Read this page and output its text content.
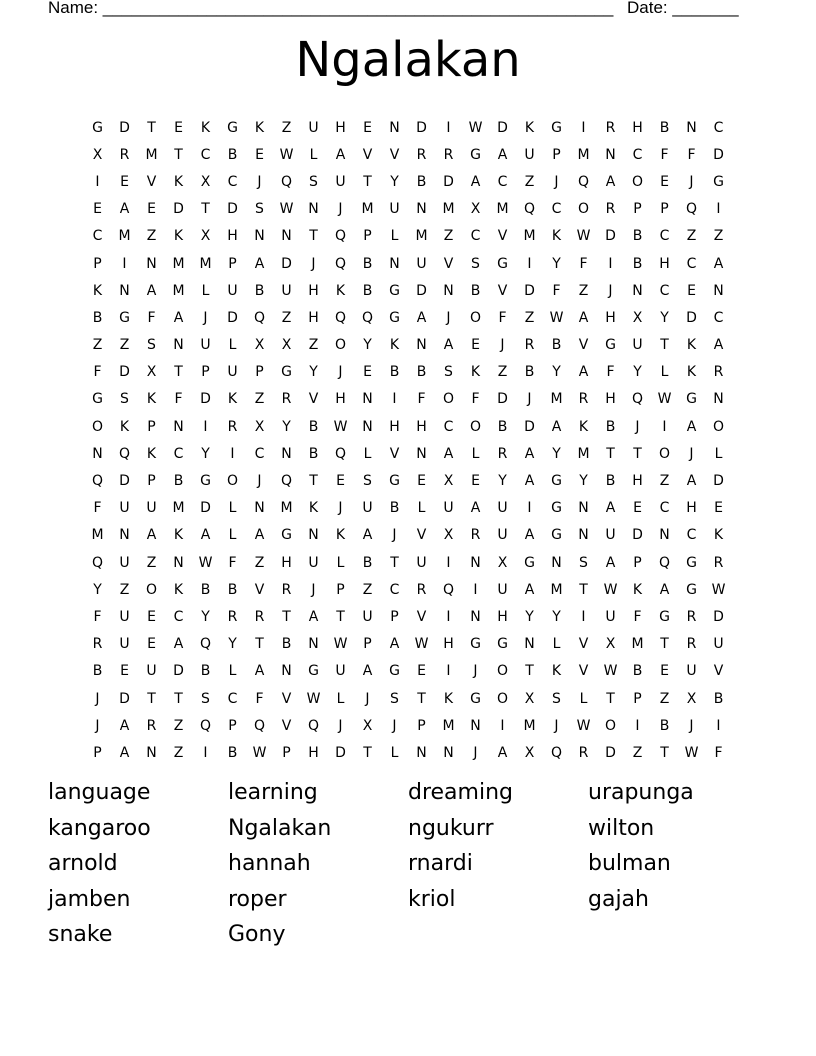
Name: ______________________________________________________ Date: _______
Ngalakan
G	D	T	E	K	G	K	Z	U	H	E	N	D	I	W	D	K	G	I	R	H	B	N	C
X	R	M	T	C	B	E	W	L	A	V	V	R	R	G	A	U	P	M	N	C	F	F	D
I	E	V	K	X	C	J	Q	S	U	T	Y	B	D	A	C	Z	J	Q	A	O	E	J	G
E	A	E	D	T	D	S	W	N	J	M	U	N	M	X	M	Q	C	O	R	P	P	Q	I
C	M	Z	K	X	H	N	N	T	Q	P	L	M	Z	C	V	M	K	W	D	B	C	Z	Z
P	I	N	M	M	P	A	D	J	Q	B	N	U	V	S	G	I	Y	F	I	B	H	C	A
K	N	A	M	L	U	B	U	H	K	B	G	D	N	B	V	D	F	Z	J	N	C	E	N
B	G	F	A	J	D	Q	Z	H	Q	Q	G	A	J	O	F	Z	W	A	H	X	Y	D	C
Z	Z	S	N	U	L	X	X	Z	O	Y	K	N	A	E	J	R	B	V	G	U	T	K	A
F	D	X	T	P	U	P	G	Y	J	E	B	B	S	K	Z	B	Y	A	F	Y	L	K	R
G	S	K	F	D	K	Z	R	V	H	N	I	F	O	F	D	J	M	R	H	Q	W	G	N
O	K	P	N	I	R	X	Y	B	W	N	H	H	C	O	B	D	A	K	B	J	I	A	O
N	Q	K	C	Y	I	C	N	B	Q	L	V	N	A	L	R	A	Y	M	T	T	O	J	L
Q	D	P	B	G	O	J	Q	T	E	S	G	E	X	E	Y	A	G	Y	B	H	Z	A	D
F	U	U	M	D	L	N	M	K	J	U	B	L	U	A	U	I	G	N	A	E	C	H	E
M	N	A	K	A	L	A	G	N	K	A	J	V	X	R	U	A	G	N	U	D	N	C	K
Q	U	Z	N	W	F	Z	H	U	L	B	T	U	I	N	X	G	N	S	A	P	Q	G	R
Y	Z	O	K	B	B	V	R	J	P	Z	C	R	Q	I	U	A	M	T	W	K	A	G	W
F	U	E	C	Y	R	R	T	A	T	U	P	V	I	N	H	Y	Y	I	U	F	G	R	D
R	U	E	A	Q	Y	T	B	N	W	P	A	W	H	G	G	N	L	V	X	M	T	R	U
B	E	U	D	B	L	A	N	G	U	A	G	E	I	J	O	T	K	V	W	B	E	U	V
J	D	T	T	S	C	F	V	W	L	J	S	T	K	G	O	X	S	L	T	P	Z	X	B
J	A	R	Z	Q	P	Q	V	Q	J	X	J	P	M	N	I	M	J	W	O	I	B	J	I
P	A	N	Z	I	B	W	P	H	D	T	L	N	N	J	A	X	Q	R	D	Z	T	W	F
language	learning	dreaming	urapunga
kangaroo	Ngalakan	ngukurr	wilton
arnold	hannah	rnardi	bulman
jamben	roper	kriol	gajah
snake	Gony
